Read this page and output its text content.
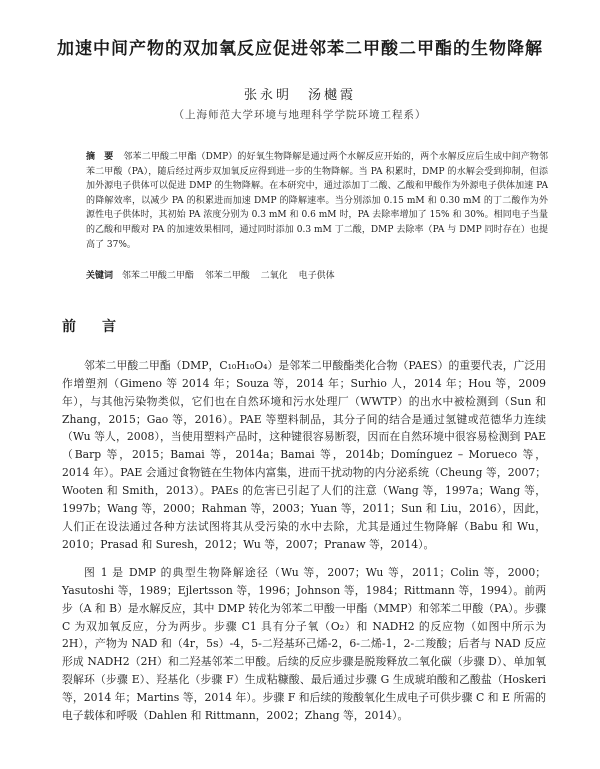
加速中间产物的双加氧反应促进邻苯二甲酸二甲酯的生物降解
张永明　汤樾霞
（上海师范大学环境与地理科学学院环境工程系）
摘　要 邻苯二甲酸二甲酯（DMP）的好氧生物降解是通过两个水解反应开始的，两个水解反应后生成中间产物邻苯二甲酸（PA），随后经过两步双加氧反应得到进一步的生物降解。当 PA 积累时，DMP 的水解会受到抑制，但添加外源电子供体可以促进 DMP 的生物降解。在本研究中，通过添加丁二酸、乙酸和甲酸作为外源电子供体加速 PA 的降解效率，以减少 PA 的积累进而加速 DMP 的降解速率。当分别添加 0.15 mM 和 0.30 mM 的丁二酸作为外源性电子供体时，其初始 PA 浓度分别为 0.3 mM 和 0.6 mM 时，PA 去除率增加了 15% 和 30%。相同电子当量的乙酸和甲酸对 PA 的加速效果相同，通过同时添加 0.3 mM 丁二酸，DMP 去除率（PA 与 DMP 同时存在）也提高了 37%。
关键词 邻苯二甲酸二甲酯 邻苯二甲酸 二氧化 电子供体
前　言

邻苯二甲酸二甲酯（DMP，C₁₀H₁₀O₄）是邻苯二甲酸酯类化合物（PAES）的重要代表，广泛用作增塑剂（Gimeno 等 2014 年；Souza 等，2014 年；Surhio 人，2014 年；Hou 等，2009 年），与其他污染物类似，它们也在自然环境和污水处理厂（WWTP）的出水中被检测到（Sun 和 Zhang，2015；Gao 等，2016）。PAE 等塑料制品，其分子间的结合是通过氢键或范德华力连续（Wu 等人，2008），当使用塑料产品时，这种键很容易断裂，因而在自然环境中很容易检测到 PAE（Barp 等，2015；Bamai 等，2014a；Bamai 等，2014b；Domínguez – Morueco 等，2014 年）。PAE 会通过食物链在生物体内富集，进而干扰动物的内分泌系统（Cheung 等，2007；Wooten 和 Smith，2013）。PAEs 的危害已引起了人们的注意（Wang 等，1997a；Wang 等，1997b；Wang 等，2000；Rahman 等，2003；Yuan 等，2011；Sun 和 Liu，2016），因此，人们正在设法通过各种方法试图将其从受污染的水中去除，尤其是通过生物降解（Babu 和 Wu，2010；Prasad 和 Suresh，2012；Wu 等，2007；Pranaw 等，2014）。

图 1 是 DMP 的典型生物降解途径（Wu 等，2007；Wu 等，2011；Colin 等，2000；Yasutoshi 等，1989；Ejlertsson 等，1996；Johnson 等，1984；Rittmann 等，1994）。前两步（A 和 B）是水解反应，其中 DMP 转化为邻苯二甲酸一甲酯（MMP）和邻苯二甲酸（PA）。步骤 C 为双加氧反应，分为两步。步骤 C1 具有分子氧（O₂）和 NADH2 的反应物（如图中所示为 2H），产物为 NAD 和（4r，5s）-4，5-二羟基环己烯-2，6-二烯-1，2-二羧酸；后者与 NAD 反应形成 NADH2（2H）和二羟基邻苯二甲酸。后续的反应步骤是脱羧释放二氧化碳（步骤 D）、单加氧裂解环（步骤 E）、羟基化（步骤 F）生成粘糠酸、最后通过步骤 G 生成琥珀酸和乙酸盐（Hoskeri 等，2014 年；Martins 等，2014 年）。步骤 F 和后续的羧酸氧化生成电子可供步骤 C 和 E 所需的电子载体和呼吸（Dahlen 和 Rittmann，2002；Zhang 等，2014）。
